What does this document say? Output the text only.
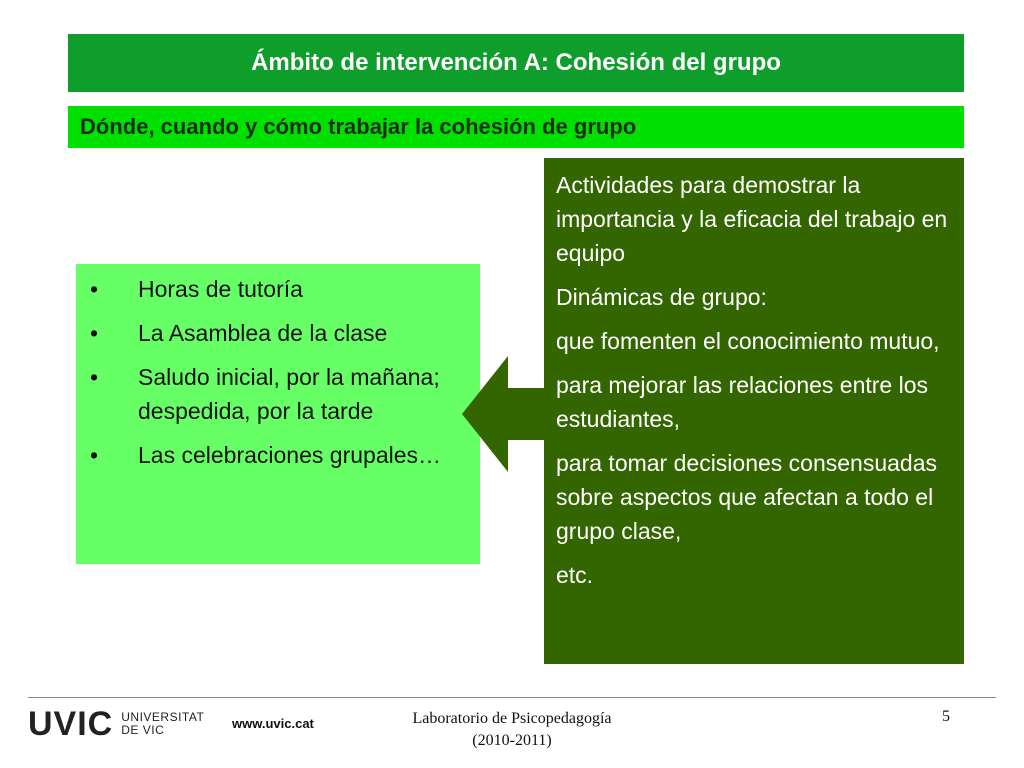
Ámbito de intervención A: Cohesión del grupo
Dónde, cuando y cómo trabajar la cohesión de grupo
•	Horas de tutoría
•	La Asamblea de la clase
•	Saludo inicial, por la mañana; despedida, por la tarde
•	Las celebraciones grupales…

Actividades para demostrar la importancia y la eficacia del trabajo en equipo

Dinámicas de grupo:

que fomenten el conocimiento mutuo,

para mejorar las relaciones entre los estudiantes,

para tomar decisiones consensuadas sobre aspectos que afectan a todo el grupo clase,

etc.

UVIC UNIVERSITAT
DE VIC	www.uvic.cat	Laboratorio de Psicopedagogía
(2010-2011)
5
